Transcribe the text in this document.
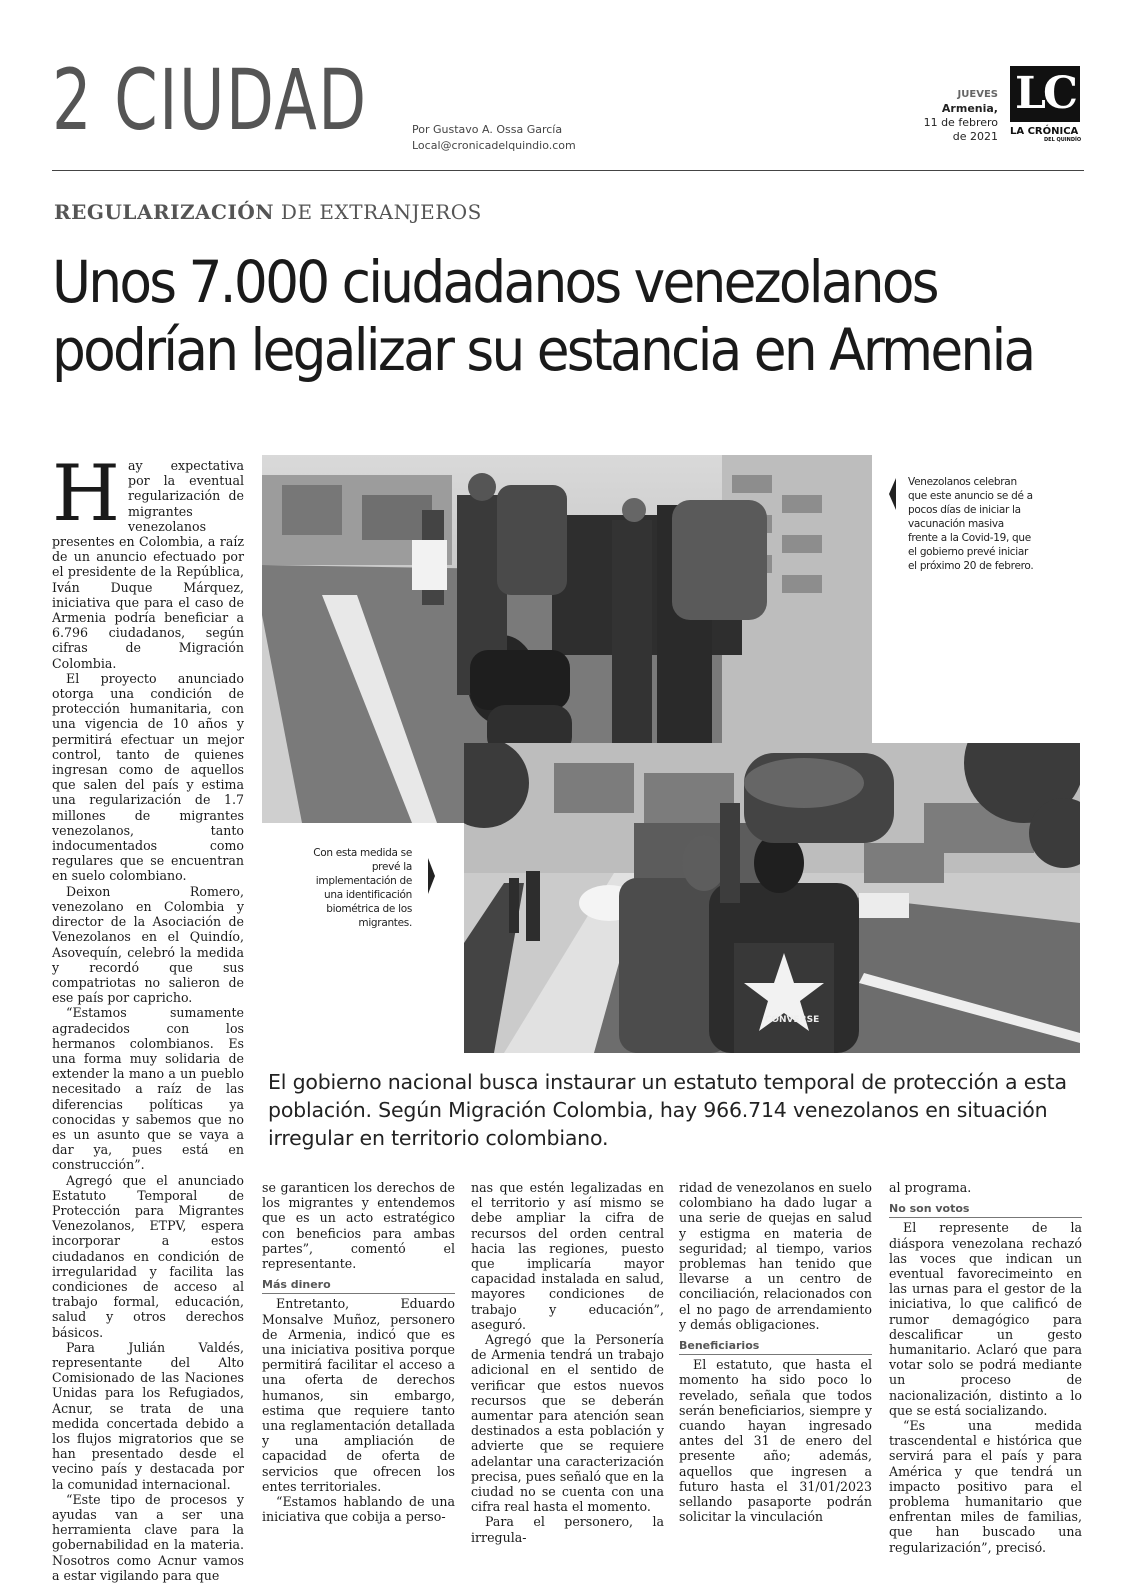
2 CIUDAD	Por Gustavo A. Ossa García
Local@cronicadelquindio.com
JUEVES
Armenia,
11 de febrero
de 2021
LC
LA CRÓNICA
DEL QUINDÍO
REGULARIZACIÓN DE EXTRANJEROS
Unos 7.000 ciudadanos venezolanos
podrían legalizar su estancia en Armenia
H ay expectativa por la eventual regularización de migrantes venezolanos presentes en Colombia, a raíz de un anuncio efectuado por el presidente de la República, Iván Duque Márquez, iniciativa que para el caso de Armenia podría beneficiar a 6.796 ciudadanos, según cifras de Migración Colombia.

El proyecto anunciado otorga una condición de protección humanitaria, con una vigencia de 10 años y permitirá efectuar un mejor control, tanto de quienes ingresan como de aquellos que salen del país y estima una regularización de 1.7 millones de migrantes venezolanos, tanto indocumentados como regulares que se encuentran en suelo colombiano.

Deixon Romero, venezolano en Colombia y director de la Asociación de Venezolanos en el Quindío, Asovequín, celebró la medida y recordó que sus compatriotas no salieron de ese país por capricho.

“Estamos sumamente agradecidos con los hermanos colombianos. Es una forma muy solidaria de extender la mano a un pueblo necesitado a raíz de las diferencias políticas ya conocidas y sabemos que no es un asunto que se vaya a dar ya, pues está en construcción”.

Agregó que el anunciado Estatuto Temporal de Protección para Migrantes Venezolanos, ETPV, espera incorporar a estos ciudadanos en condición de irregularidad y facilita las condiciones de acceso al trabajo formal, educación, salud y otros derechos básicos.

Para Julián Valdés, representante del Alto Comisionado de las Naciones Unidas para los Refugiados, Acnur, se trata de una medida concertada debido a los flujos migratorios que se han presentado desde el vecino país y destacada por la comunidad internacional.

“Este tipo de procesos y ayudas van a ser una herramienta clave para la gobernabilidad en la materia. Nosotros como Acnur vamos a estar vigilando para que

Venezolanos celebran que este anuncio se dé a pocos días de iniciar la vacunación masiva frente a la Covid-19, que el gobierno prevé iniciar el próximo 20 de febrero.
CONVERSE
Con esta medida se prevé la implementación de una identificación biométrica de los migrantes.
El gobierno nacional busca instaurar un estatuto temporal de protección a esta población. Según Migración Colombia, hay 966.714 venezolanos en situación irregular en territorio colombiano.

se garanticen los derechos de los migrantes y entendemos que es un acto estratégico con beneficios para ambas partes”, comentó el representante.

Más dinero

Entretanto, Eduardo Monsalve Muñoz, personero de Armenia, indicó que es una iniciativa positiva porque permitirá facilitar el acceso a una oferta de derechos humanos, sin embargo, estima que requiere tanto una reglamentación detallada y una ampliación de capacidad de oferta de servicios que ofrecen los entes territoriales.

“Estamos hablando de una iniciativa que cobija a perso-

nas que estén legalizadas en el territorio y así mismo se debe ampliar la cifra de recursos del orden central hacia las regiones, puesto que implicaría mayor capacidad instalada en salud, mayores condiciones de trabajo y educación”, aseguró.

Agregó que la Personería de Armenia tendrá un trabajo adicional en el sentido de verificar que estos nuevos recursos que se deberán aumentar para atención sean destinados a esta población y advierte que se requiere adelantar una caracterización precisa, pues señaló que en la ciudad no se cuenta con una cifra real hasta el momento.

Para el personero, la irregula-

ridad de venezolanos en suelo colombiano ha dado lugar a una serie de quejas en salud y estigma en materia de seguridad; al tiempo, varios problemas han tenido que llevarse a un centro de conciliación, relacionados con el no pago de arrendamiento y demás obligaciones.

Beneficiarios

El estatuto, que hasta el momento ha sido poco lo revelado, señala que todos serán beneficiarios, siempre y cuando hayan ingresado antes del 31 de enero del presente año; además, aquellos que ingresen a futuro hasta el 31/01/2023 sellando pasaporte podrán solicitar la vinculación

al programa.

No son votos

El represente de la diáspora venezolana rechazó las voces que indican un eventual favorecimeinto en las urnas para el gestor de la iniciativa, lo que calificó de rumor demagógico para descalificar un gesto humanitario. Aclaró que para votar solo se podrá mediante un proceso de nacionalización, distinto a lo que se está socializando.

“Es una medida trascendental e histórica que servirá para el país y para América y que tendrá un impacto positivo para el problema humanitario que enfrentan miles de familias, que han buscado una regularización”, precisó.
